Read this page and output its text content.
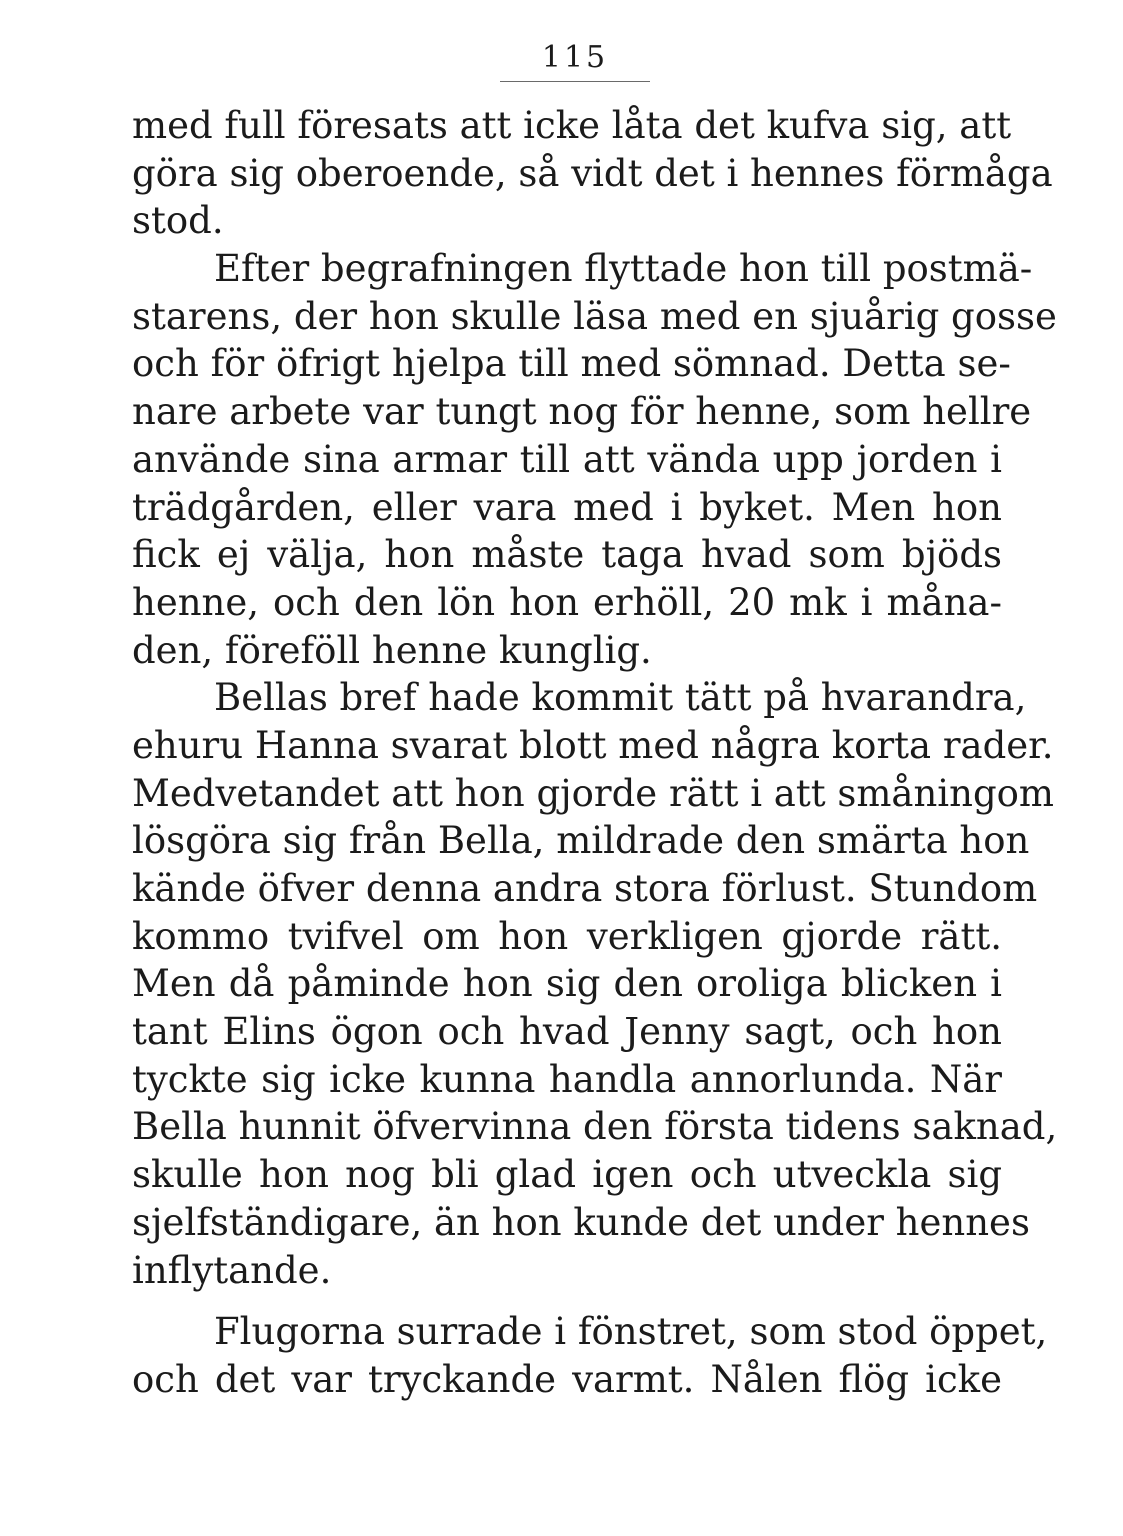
115

med full föresats att icke låta det kufva sig, att
göra sig oberoende, så vidt det i hennes förmåga
stod.

Efter begrafningen flyttade hon till postmä-
starens, der hon skulle läsa med en sjuårig gosse
och för öfrigt hjelpa till med sömnad. Detta se-
nare arbete var tungt nog för henne, som hellre
använde sina armar till att vända upp jorden i
trädgården, eller vara med i byket. Men hon
fick ej välja, hon måste taga hvad som bjöds
henne, och den lön hon erhöll, 20 mk i måna-
den, föreföll henne kunglig.

Bellas bref hade kommit tätt på hvarandra,
ehuru Hanna svarat blott med några korta rader.
Medvetandet att hon gjorde rätt i att småningom
lösgöra sig från Bella, mildrade den smärta hon
kände öfver denna andra stora förlust. Stundom
kommo tvifvel om hon verkligen gjorde rätt.
Men då påminde hon sig den oroliga blicken i
tant Elins ögon och hvad Jenny sagt, och hon
tyckte sig icke kunna handla annorlunda. När
Bella hunnit öfvervinna den första tidens saknad,
skulle hon nog bli glad igen och utveckla sig
sjelfständigare, än hon kunde det under hennes
inflytande.

Flugorna surrade i fönstret, som stod öppet,
och det var tryckande varmt. Nålen flög icke
